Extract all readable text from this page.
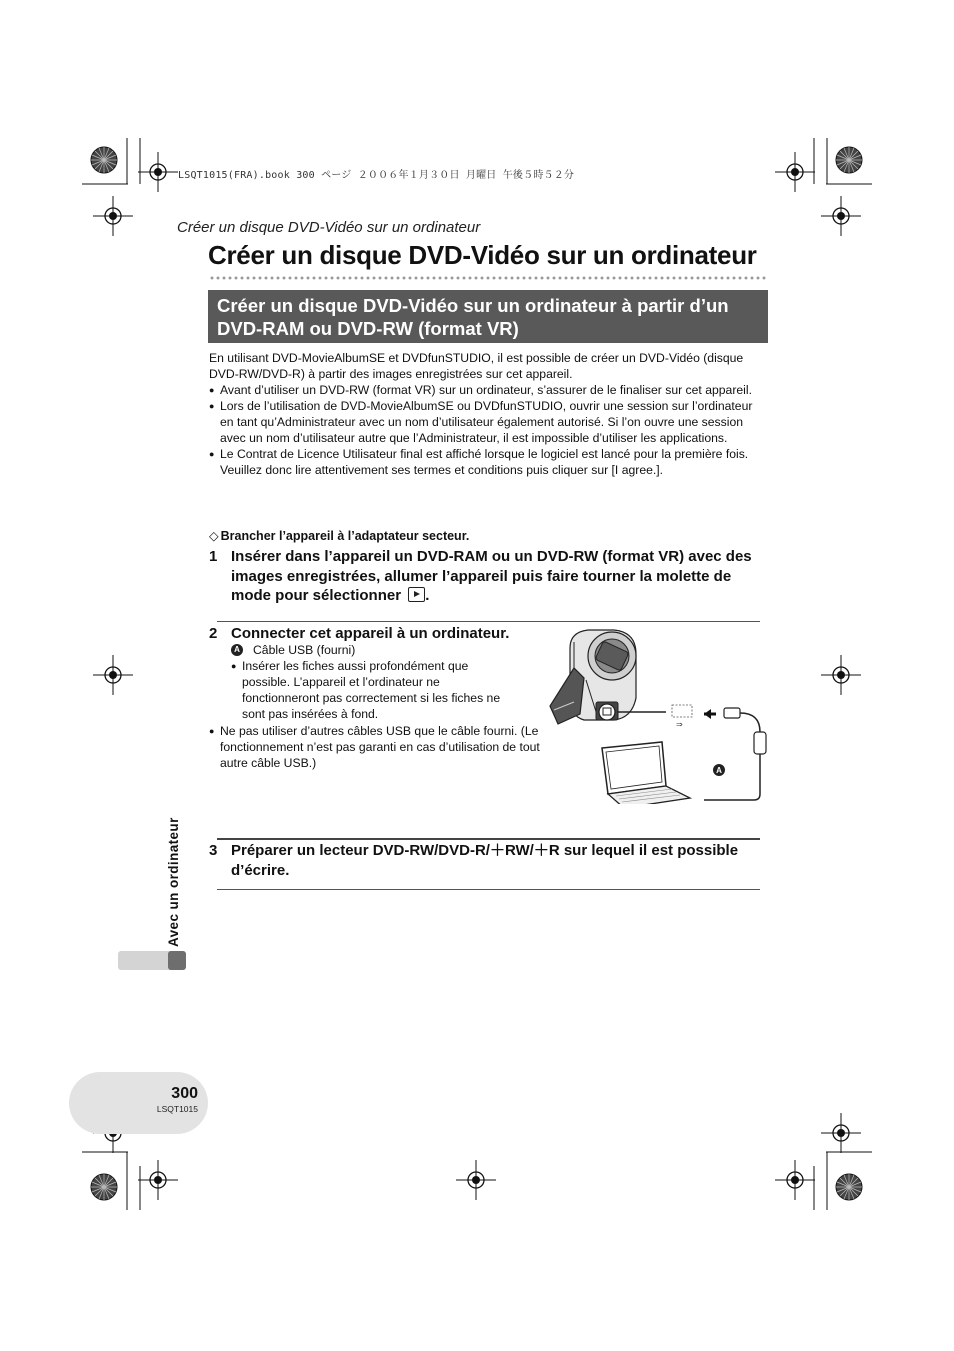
LSQT1015(FRA).book 300 ページ ２００６年１月３０日 月曜日 午後５時５２分
Créer un disque DVD-Vidéo sur un ordinateur
Créer un disque DVD-Vidéo sur un ordinateur
Créer un disque DVD-Vidéo sur un ordinateur à partir d’un DVD-RAM ou DVD-RW (format VR)
En utilisant DVD-MovieAlbumSE et DVDfunSTUDIO, il est possible de créer un DVD-Vidéo (disque DVD-RW/DVD-R) à partir des images enregistrées sur cet appareil.
● Avant d’utiliser un DVD-RW (format VR) sur un ordinateur, s’assurer de le finaliser sur cet appareil.
● Lors de l’utilisation de DVD-MovieAlbumSE ou DVDfunSTUDIO, ouvrir une session sur l’ordinateur en tant qu’Administrateur avec un nom d’utilisateur également autorisé. Si l’on ouvre une session avec un nom d’utilisateur autre que l’Administrateur, il est impossible d’utiliser les applications.
● Le Contrat de Licence Utilisateur final est affiché lorsque le logiciel est lancé pour la première fois. Veuillez donc lire attentivement ses termes et conditions puis cliquer sur [I agree.].
◇ Brancher l’appareil à l’adaptateur secteur.
1 Insérer dans l’appareil un DVD-RAM ou un DVD-RW (format VR) avec des images enregistrées, allumer l’appareil puis faire tourner la molette de mode pour sélectionner .
2 Connecter cet appareil à un ordinateur.
A Câble USB (fourni)
● Insérer les fiches aussi profondément que possible. L’appareil et l’ordinateur ne fonctionneront pas correctement si les fiches ne sont pas insérées à fond.
● Ne pas utiliser d’autres câbles USB que le câble fourni. (Le fonctionnement n’est pas garanti en cas d’utilisation de tout autre câble USB.)
⇒
A
3 Préparer un lecteur DVD-RW/DVD-R/＋RW/＋R sur lequel il est possible d’écrire.
Avec un ordinateur
300
LSQT1015
